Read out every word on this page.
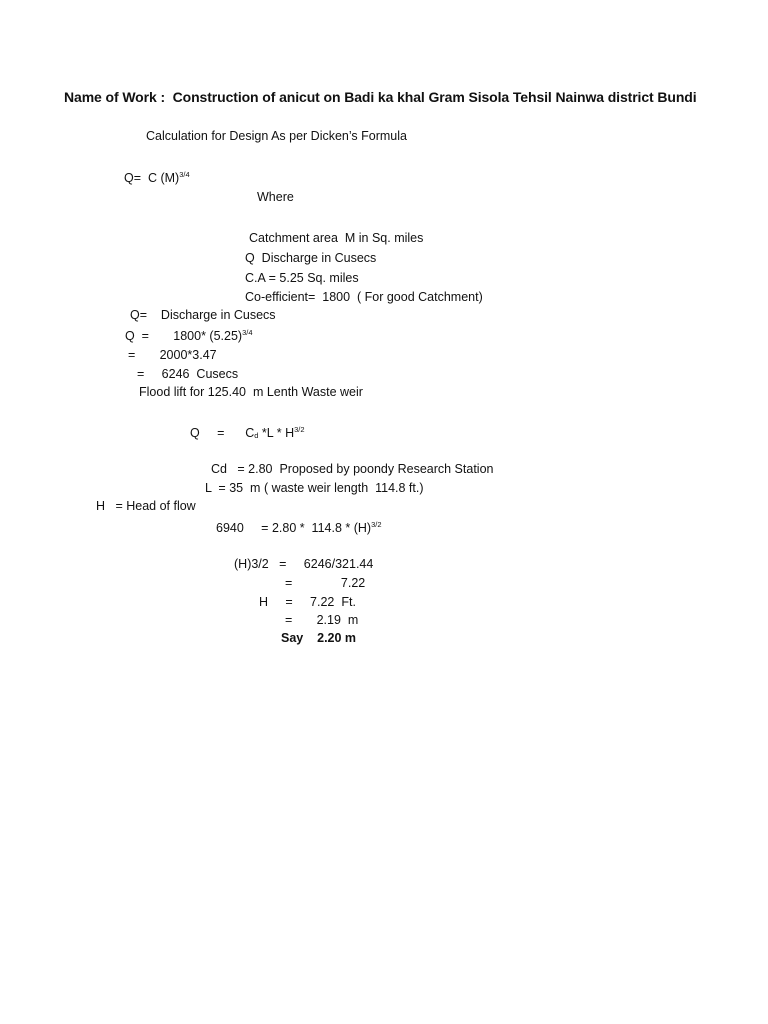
Name of Work :  Construction of anicut on Badi ka khal Gram Sisola Tehsil Nainwa district Bundi
Calculation for Design As per Dicken’s Formula
Q=  C $(M)^{3/4}$
Where
Catchment area  M in Sq. miles
Q  Discharge in Cusecs
C.A = 5.25 Sq. miles
Co-efficient=  1800  ( For good Catchment)
Q=    Discharge in Cusecs
Q  =       1800* $(5.25)^{3/4}$
=       2000*3.47
=     6246  Cusecs
Flood lift for 125.40  m Lenth Waste weir
Q     = $C_d$ $*L * H^{3/2}$
Cd   = 2.80  Proposed by poondy Research Station
L  = 35  m ( waste weir length  114.8 ft.)
H   = Head of flow
6940     = $2.80 * 114.8 * (H)^{3/2}$
(H)3/2   =     6246/321.44
=              7.22
H     =     7.22  Ft.
=       2.19  m
Say    2.20 m
